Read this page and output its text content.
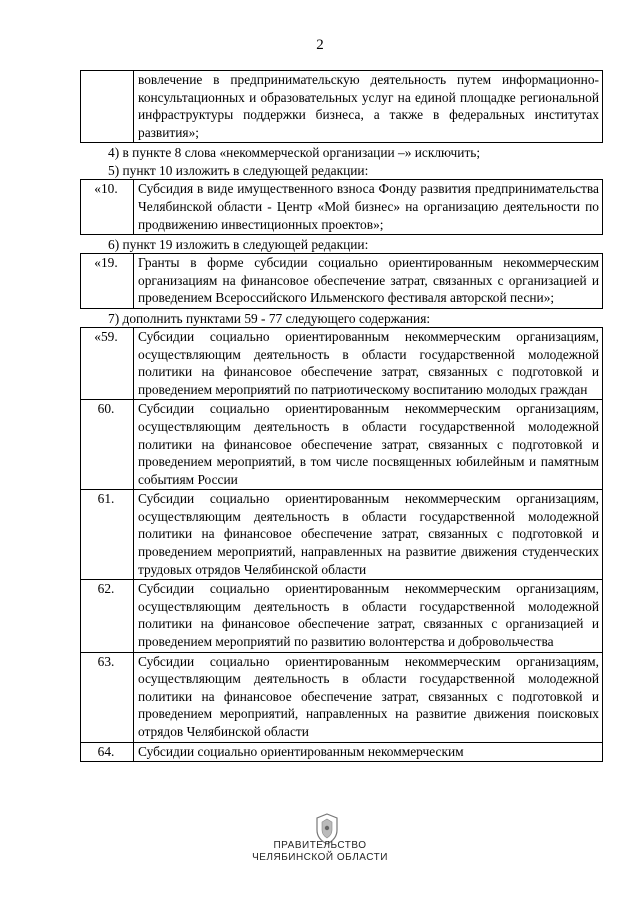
2
	вовлечение в предпринимательскую деятельность путем информационно-консультационных и образовательных услуг на единой площадке региональной инфраструктуры поддержки бизнеса, а также в федеральных институтах развития»;

4) в пункте 8 слова «некоммерческой организации –» исключить;

5) пункт 10 изложить в следующей редакции:

«10.	Субсидия в виде имущественного взноса Фонду развития предпринимательства Челябинской области - Центр «Мой бизнес» на организацию деятельности по продвижению инвестиционных проектов»;

6) пункт 19 изложить в следующей редакции:

«19.	Гранты в форме субсидии социально ориентированным некоммерческим организациям на финансовое обеспечение затрат, связанных с организацией и проведением Всероссийского Ильменского фестиваля авторской песни»;

7) дополнить пунктами 59 - 77 следующего содержания:

«59.	Субсидии социально ориентированным некоммерческим организациям, осуществляющим деятельность в области государственной молодежной политики на финансовое обеспечение затрат, связанных с подготовкой и проведением мероприятий по патриотическому воспитанию молодых граждан
60.	Субсидии социально ориентированным некоммерческим организациям, осуществляющим деятельность в области государственной молодежной политики на финансовое обеспечение затрат, связанных с подготовкой и проведением мероприятий, в том числе посвященных юбилейным и памятным событиям России
61.	Субсидии социально ориентированным некоммерческим организациям, осуществляющим деятельность в области государственной молодежной политики на финансовое обеспечение затрат, связанных с подготовкой и проведением мероприятий, направленных на развитие движения студенческих трудовых отрядов Челябинской области
62.	Субсидии социально ориентированным некоммерческим организациям, осуществляющим деятельность в области государственной молодежной политики на финансовое обеспечение затрат, связанных с организацией и проведением мероприятий по развитию волонтерства и добровольчества
63.	Субсидии социально ориентированным некоммерческим организациям, осуществляющим деятельность в области государственной молодежной политики на финансовое обеспечение затрат, связанных с подготовкой и проведением мероприятий, направленных на развитие движения поисковых отрядов Челябинской области
64.	Субсидии социально ориентированным некоммерческим
ПРАВИТЕЛЬСТВО
ЧЕЛЯБИНСКОЙ ОБЛАСТИ
